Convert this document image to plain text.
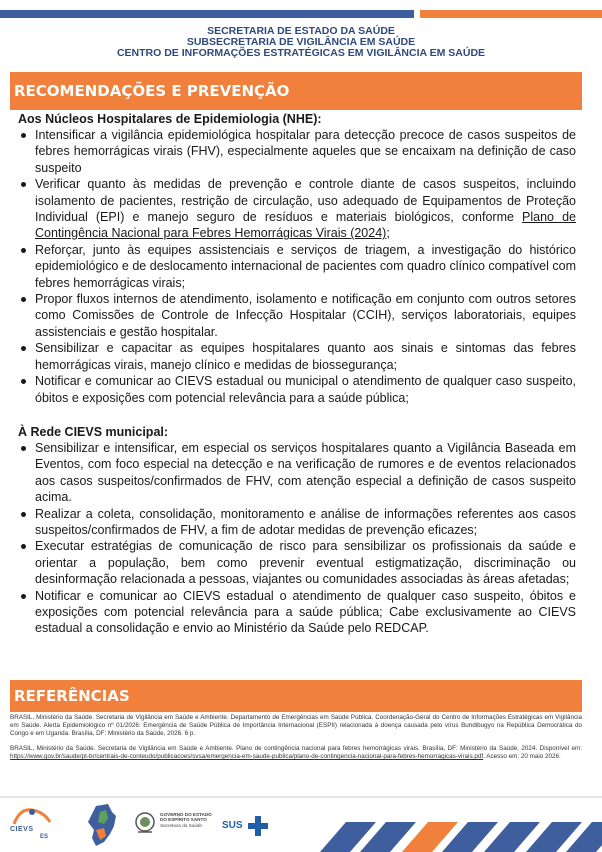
SECRETARIA DE ESTADO DA SAÚDE
SUBSECRETARIA DE VIGILÂNCIA EM SAÚDE
CENTRO DE INFORMAÇÕES ESTRATÉGICAS EM VIGILÂNCIA EM SAÚDE
RECOMENDAÇÕES E PREVENÇÃO

Aos Núcleos Hospitalares de Epidemiologia (NHE):

Intensificar a vigilância epidemiológica hospitalar para detecção precoce de casos suspeitos de febres hemorrágicas virais (FHV), especialmente aqueles que se encaixam na definição de caso suspeito
Verificar quanto às medidas de prevenção e controle diante de casos suspeitos, incluindo isolamento de pacientes, restrição de circulação, uso adequado de Equipamentos de Proteção Individual (EPI) e manejo seguro de resíduos e materiais biológicos, conforme Plano de Contingência Nacional para Febres Hemorrágicas Virais (2024);
Reforçar, junto às equipes assistenciais e serviços de triagem, a investigação do histórico epidemiológico e de deslocamento internacional de pacientes com quadro clínico compatível com febres hemorrágicas virais;
Propor fluxos internos de atendimento, isolamento e notificação em conjunto com outros setores como Comissões de Controle de Infecção Hospitalar (CCIH), serviços laboratoriais, equipes assistenciais e gestão hospitalar.
Sensibilizar e capacitar as equipes hospitalares quanto aos sinais e sintomas das febres hemorrágicas virais, manejo clínico e medidas de biossegurança;
Notificar e comunicar ao CIEVS estadual ou municipal o atendimento de qualquer caso suspeito, óbitos e exposições com potencial relevância para a saúde pública;

À Rede CIEVS municipal:

Sensibilizar e intensificar, em especial os serviços hospitalares quanto a Vigilância Baseada em Eventos, com foco especial na detecção e na verificação de rumores e de eventos relacionados aos casos suspeitos/confirmados de FHV, com atenção especial a definição de casos suspeito acima.
Realizar a coleta, consolidação, monitoramento e análise de informações referentes aos casos suspeitos/confirmados de FHV, a fim de adotar medidas de prevenção eficazes;
Executar estratégias de comunicação de risco para sensibilizar os profissionais da saúde e orientar a população, bem como prevenir eventual estigmatização, discriminação ou desinformação relacionada a pessoas, viajantes ou comunidades associadas às áreas afetadas;
Notificar e comunicar ao CIEVS estadual o atendimento de qualquer caso suspeito, óbitos e exposições com potencial relevância para a saúde pública; Cabe exclusivamente ao CIEVS estadual a consolidação e envio ao Ministério da Saúde pelo REDCAP.
REFERÊNCIAS

BRASIL, Ministério da Saúde. Secretaria de Vigilância em Saúde e Ambiente. Departamento de Emergências em Saúde Pública. Coordenação-Geral do Centro de Informações Estratégicas em Vigilância em Saúde. Alerta Epidemiológico nº 01/2026: Emergência de Saúde Pública de Importância Internacional (ESPII) relacionada à doença causada pelo vírus Bundibugyo na República Democrática do Congo e em Uganda. Brasília, DF: Ministério da Saúde, 2026. 6 p.

BRASIL, Ministério da Saúde. Secretaria de Vigilância em Saúde e Ambiente. Plano de contingência nacional para febres hemorrágicas virais. Brasília, DF: Ministério da Saúde, 2024. Disponível em: https://www.gov.br/saude/pt-br/centrais-de-conteudo/publicacoes/svsa/emergencia-em-saude-publica/plano-de-contingencia-nacional-para-febres-hemorragicas-virais.pdf. Acesso em: 20 maio 2026.

CIEVS
ES
GOVERNO DO ESTADO
DO ESPÍRITO SANTO
Secretaria da Saúde	SUS
